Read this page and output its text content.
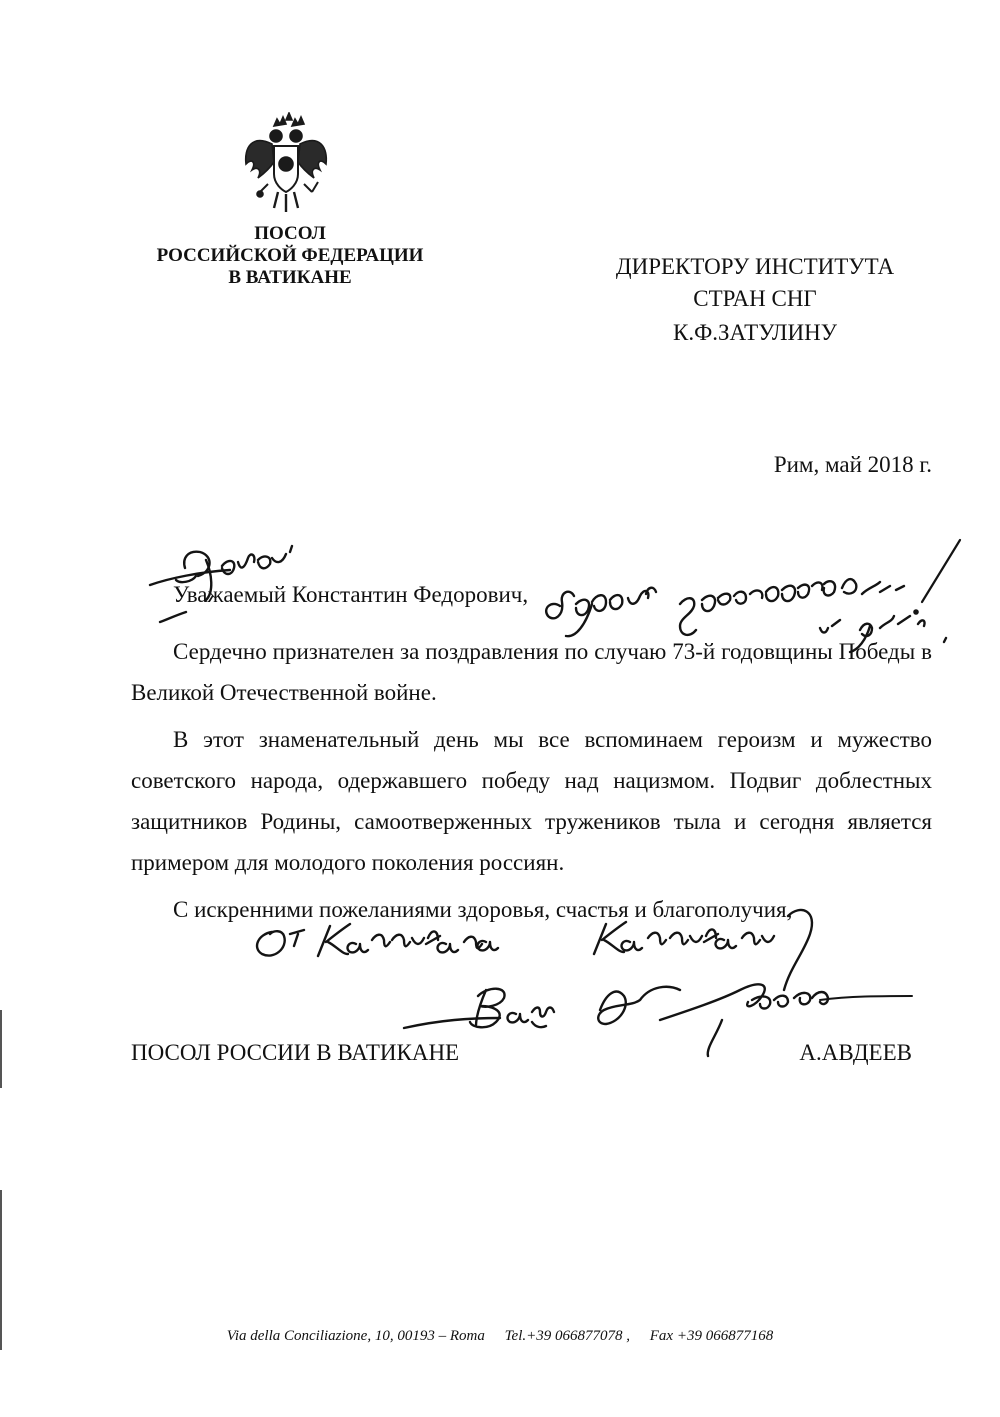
ПОСОЛ
РОССИЙСКОЙ ФЕДЕРАЦИИ
В ВАТИКАНЕ	ДИРЕКТОРУ ИНСТИТУТА
СТРАН СНГ
К.Ф.ЗАТУЛИНУ
Рим, май 2018 г.
Уважаемый Константин Федорович,

Сердечно признателен за поздравления по случаю 73-й годовщины Победы в Великой Отечественной войне.

В этот знаменательный день мы все вспоминаем героизм и мужество советского народа, одержавшего победу над нацизмом. Подвиг доблестных защитников Родины, самоотверженных тружеников тыла и сегодня является примером для молодого поколения россиян.

С искренними пожеланиями здоровья, счастья и благополучия,

ПОСОЛ РОССИИ В ВАТИКАНЕ	А.АВДЕЕВ
Via della Conciliazione, 10, 00193 – Roma Tel.+39 066877078 , Fax +39 066877168
